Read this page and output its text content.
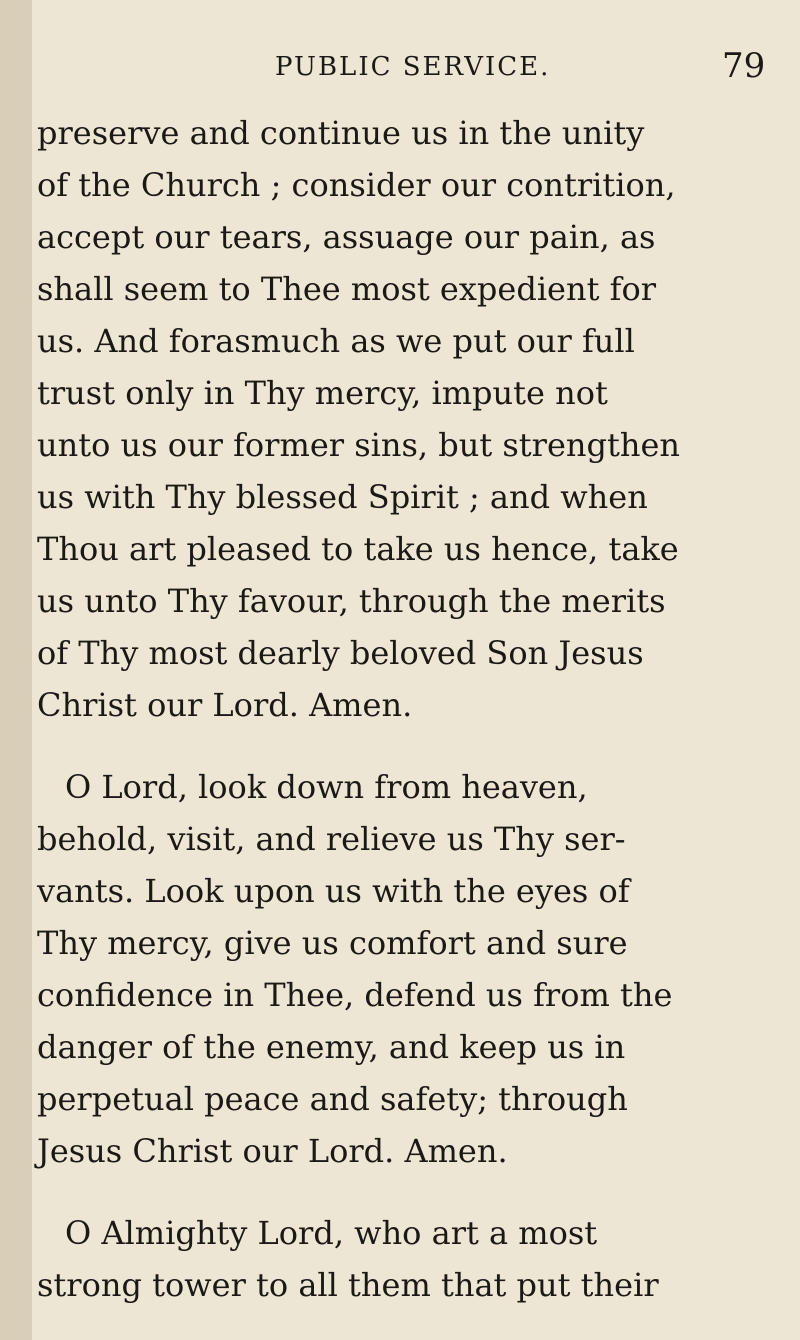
PUBLIC SERVICE.	79
preserve and continue us in the unity
of the Church ; consider our contrition,
accept our tears, assuage our pain, as
shall seem to Thee most expedient for
us. And forasmuch as we put our full
trust only in Thy mercy, impute not
unto us our former sins, but strengthen
us with Thy blessed Spirit ; and when
Thou art pleased to take us hence, take
us unto Thy favour, through the merits
of Thy most dearly beloved Son Jesus
Christ our Lord. Amen.
O Lord, look down from heaven,
behold, visit, and relieve us Thy ser-
vants. Look upon us with the eyes of
Thy mercy, give us comfort and sure
confidence in Thee, defend us from the
danger of the enemy, and keep us in
perpetual peace and safety; through
Jesus Christ our Lord. Amen.
O Almighty Lord, who art a most
strong tower to all them that put their
